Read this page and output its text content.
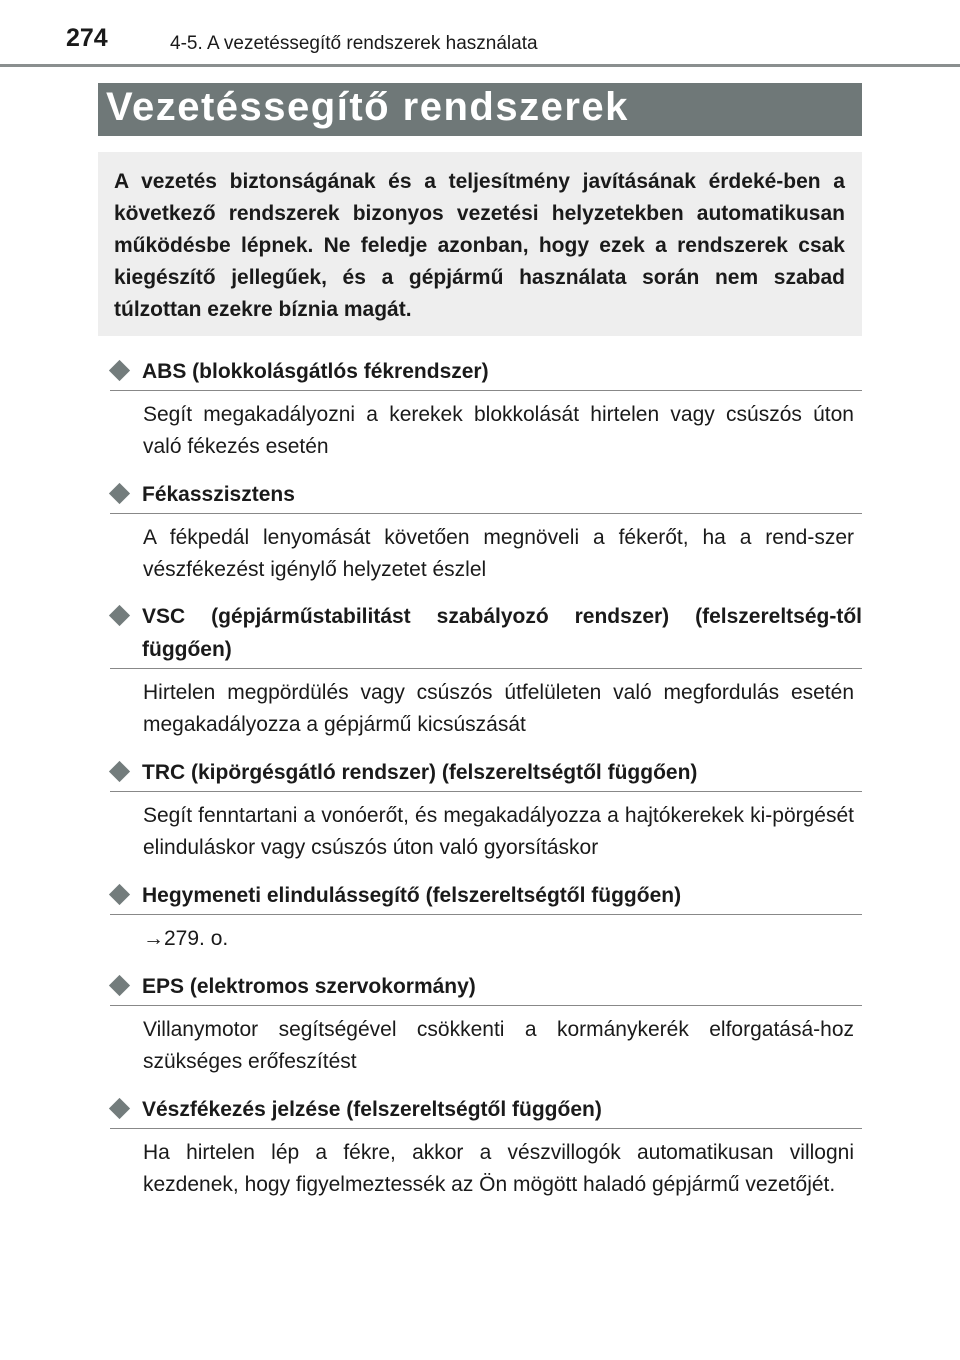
274	4-5. A vezetéssegítő rendszerek használata
Vezetéssegítő rendszerek
A vezetés biztonságának és a teljesítmény javításának érdeké-ben a következő rendszerek bizonyos vezetési helyzetekben automatikusan működésbe lépnek. Ne feledje azonban, hogy ezek a rendszerek csak kiegészítő jellegűek, és a gépjármű használata során nem szabad túlzottan ezekre bíznia magát.
ABS (blokkolásgátlós fékrendszer)
Segít megakadályozni a kerekek blokkolását hirtelen vagy csúszós úton való fékezés esetén
Fékasszisztens
A fékpedál lenyomását követően megnöveli a fékerőt, ha a rend-szer vészfékezést igénylő helyzetet észlel
VSC (gépjárműstabilitást szabályozó rendszer) (felszereltség-től függően)
Hirtelen megpördülés vagy csúszós útfelületen való megfordulás esetén megakadályozza a gépjármű kicsúszását
TRC (kipörgésgátló rendszer) (felszereltségtől függően)
Segít fenntartani a vonóerőt, és megakadályozza a hajtókerekek ki-pörgését elinduláskor vagy csúszós úton való gyorsításkor
Hegymeneti elindulássegítő (felszereltségtől függően)
→279. o.
EPS (elektromos szervokormány)
Villanymotor segítségével csökkenti a kormánykerék elforgatásá-hoz szükséges erőfeszítést
Vészfékezés jelzése (felszereltségtől függően)
Ha hirtelen lép a fékre, akkor a vészvillogók automatikusan villogni kezdenek, hogy figyelmeztessék az Ön mögött haladó gépjármű vezetőjét.
